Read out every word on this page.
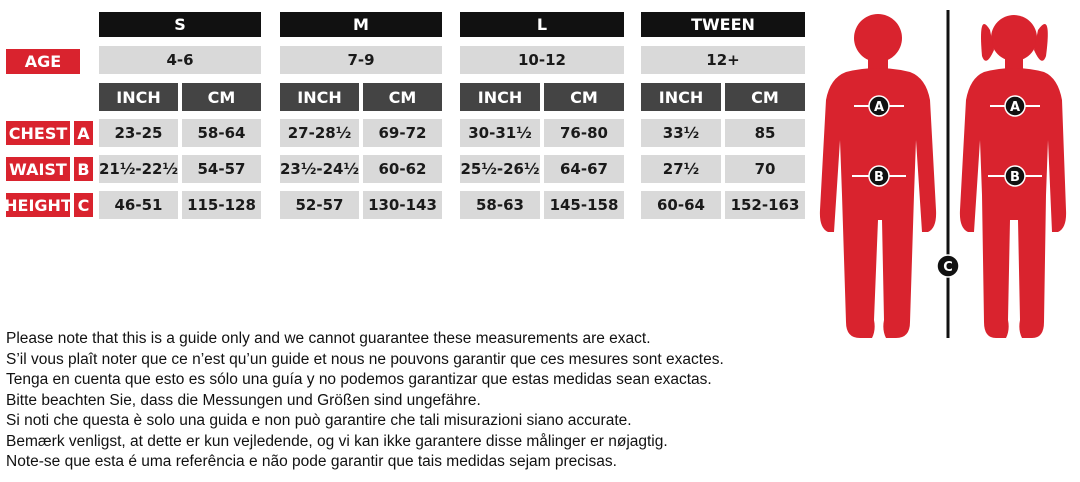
S	M	L	TWEEN
AGE	4-6	7-9	10-12	12+
INCH	CM	INCH	CM	INCH	CM	INCH	CM
CHEST A	23-25	58-64	27-28½	69-72	30-31½	76-80	33½	85
WAIST B 21½-22½	54-57	23½-24½	60-62	25½-26½	64-67	27½	70
HEIGHT C	46-51	115-128	52-57	130-143	58-63	145-158	60-64	152-163
A	A
B	B
C
Please note that this is a guide only and we cannot guarantee these measurements are exact.
S’il vous plaît noter que ce n’est qu’un guide et nous ne pouvons garantir que ces mesures sont exactes.
Tenga en cuenta que esto es sólo una guía y no podemos garantizar que estas medidas sean exactas.
Bitte beachten Sie, dass die Messungen und Größen sind ungefähre.
Si noti che questa è solo una guida e non può garantire che tali misurazioni siano accurate.
Bemærk venligst, at dette er kun vejledende, og vi kan ikke garantere disse målinger er nøjagtig.
Note-se que esta é uma referência e não pode garantir que tais medidas sejam precisas.
